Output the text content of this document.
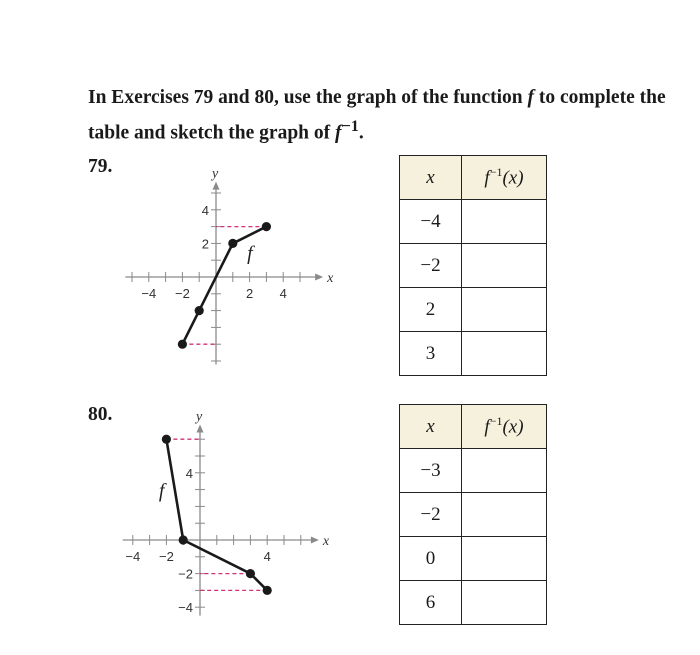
In Exercises 79 and 80, use the graph of the function f to complete the table and sketch the graph of $f^{-1}$.
79.
−4 −2	2 4
4
2
x
y
f
x	$f^{-1}(x)$
−4	
−2	
2	
3	
80.
−4 −2	4
4
−2
−4
x
y
f
x	$f^{-1}(x)$
−3	
−2	
0	
6	
